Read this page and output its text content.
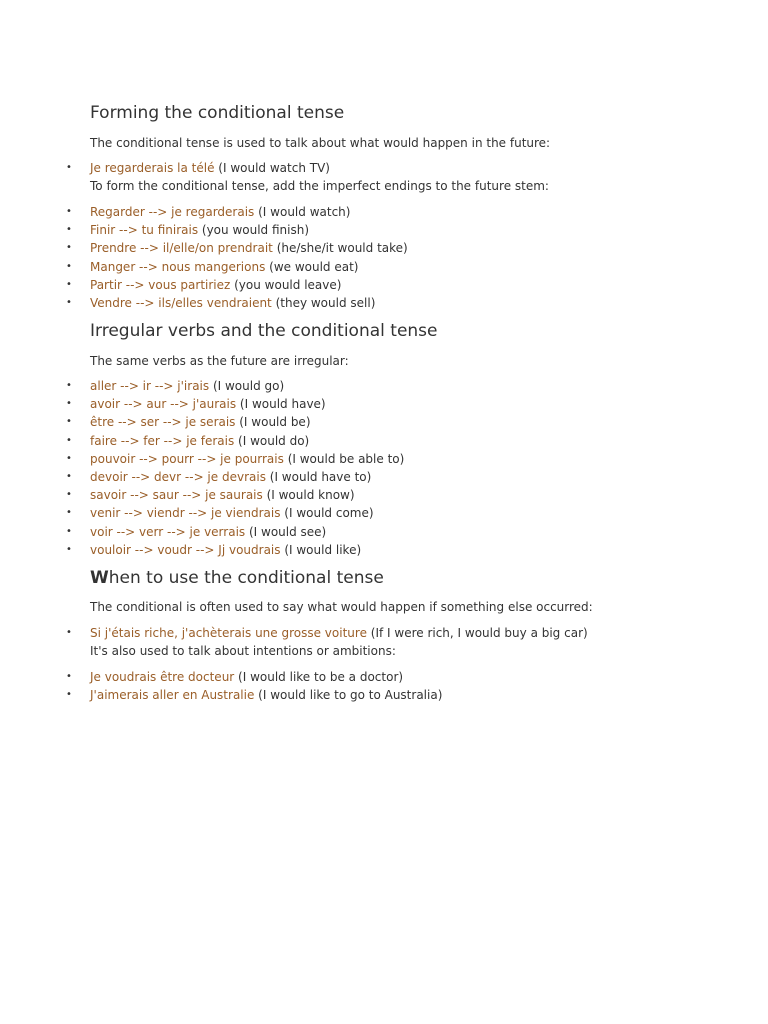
Forming the conditional tense

The conditional tense is used to talk about what would happen in the future:

• Je regarderais la télé (I would watch TV)
To form the conditional tense, add the imperfect endings to the future stem:
• Regarder --> je regarderais (I would watch)
• Finir --> tu finirais (you would finish)
• Prendre --> il/elle/on prendrait (he/she/it would take)
• Manger --> nous mangerions (we would eat)
• Partir --> vous partiriez (you would leave)
• Vendre --> ils/elles vendraient (they would sell)
Irregular verbs and the conditional tense

The same verbs as the future are irregular:

• aller --> ir --> j'irais (I would go)
• avoir --> aur --> j'aurais (I would have)
• être --> ser --> je serais (I would be)
• faire --> fer --> je ferais (I would do)
• pouvoir --> pourr --> je pourrais (I would be able to)
• devoir --> devr --> je devrais (I would have to)
• savoir --> saur --> je saurais (I would know)
• venir --> viendr --> je viendrais (I would come)
• voir --> verr --> je verrais (I would see)
• vouloir --> voudr --> Jj voudrais (I would like)
When to use the conditional tense

The conditional is often used to say what would happen if something else occurred:

• Si j'étais riche, j'achèterais une grosse voiture (If I were rich, I would buy a big car)
It's also used to talk about intentions or ambitions:
• Je voudrais être docteur (I would like to be a doctor)
• J'aimerais aller en Australie (I would like to go to Australia)
